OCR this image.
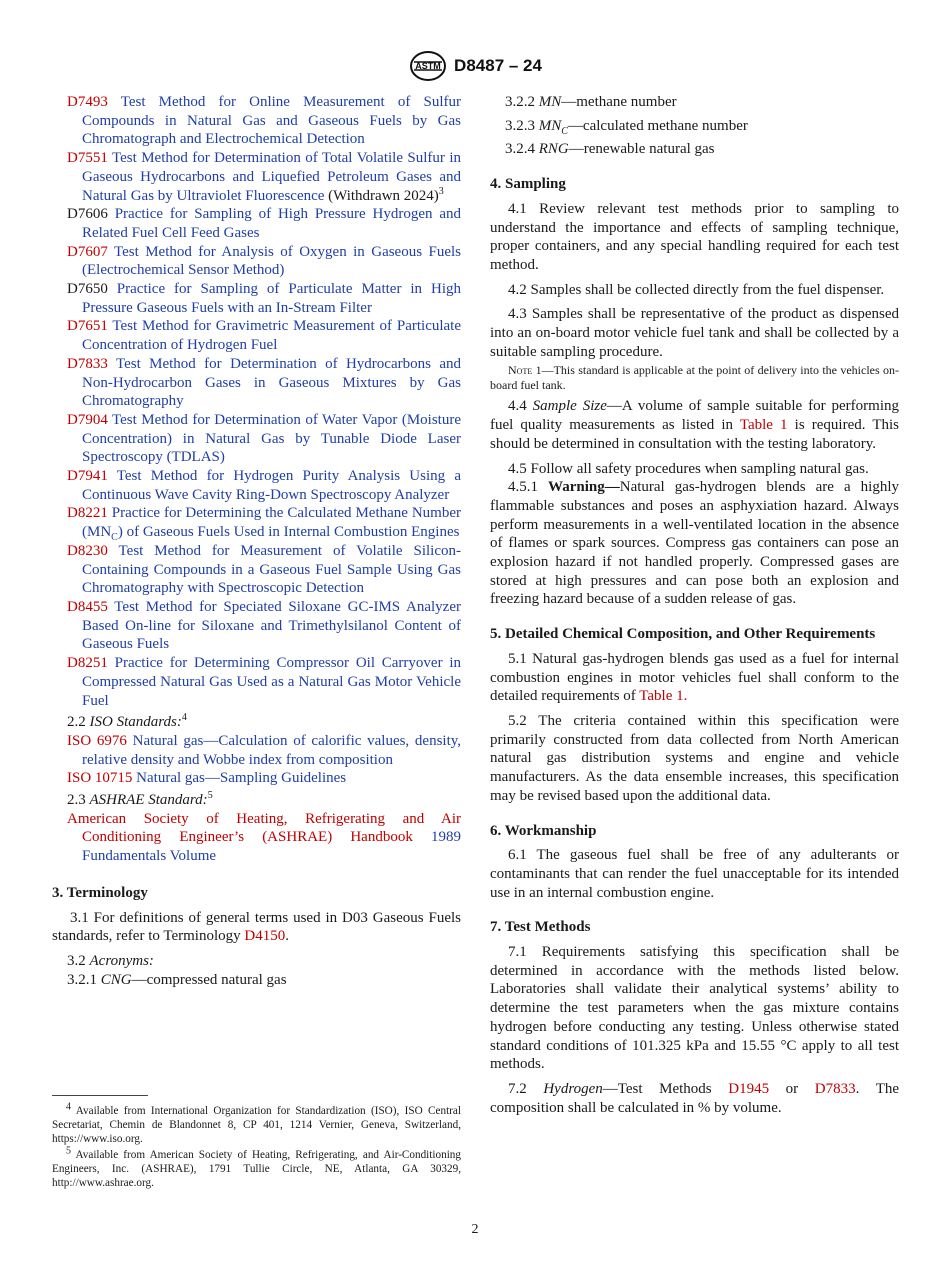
ASTM D8487 – 24

D7493 Test Method for Online Measurement of Sulfur Compounds in Natural Gas and Gaseous Fuels by Gas Chromatograph and Electrochemical Detection

D7551 Test Method for Determination of Total Volatile Sulfur in Gaseous Hydrocarbons and Liquefied Petroleum Gases and Natural Gas by Ultraviolet Fluorescence (Withdrawn 2024)$^3$

D7606 Practice for Sampling of High Pressure Hydrogen and Related Fuel Cell Feed Gases

D7607 Test Method for Analysis of Oxygen in Gaseous Fuels (Electrochemical Sensor Method)

D7650 Practice for Sampling of Particulate Matter in High Pressure Gaseous Fuels with an In-Stream Filter

D7651 Test Method for Gravimetric Measurement of Particulate Concentration of Hydrogen Fuel

D7833 Test Method for Determination of Hydrocarbons and Non-Hydrocarbon Gases in Gaseous Mixtures by Gas Chromatography

D7904 Test Method for Determination of Water Vapor (Moisture Concentration) in Natural Gas by Tunable Diode Laser Spectroscopy (TDLAS)

D7941 Test Method for Hydrogen Purity Analysis Using a Continuous Wave Cavity Ring-Down Spectroscopy Analyzer

D8221 Practice for Determining the Calculated Methane Number $(MN_C)$ of Gaseous Fuels Used in Internal Combustion Engines

D8230 Test Method for Measurement of Volatile Silicon-Containing Compounds in a Gaseous Fuel Sample Using Gas Chromatography with Spectroscopic Detection

D8455 Test Method for Speciated Siloxane GC-IMS Analyzer Based On-line for Siloxane and Trimethylsilanol Content of Gaseous Fuels

D8251 Practice for Determining Compressor Oil Carryover in Compressed Natural Gas Used as a Natural Gas Motor Vehicle Fuel

2.2 ISO Standards:$^4$

ISO 6976 Natural gas—Calculation of calorific values, density, relative density and Wobbe index from composition

ISO 10715 Natural gas—Sampling Guidelines

2.3 ASHRAE Standard:$^5$

American Society of Heating, Refrigerating and Air Conditioning Engineer’s (ASHRAE) Handbook 1989 Fundamentals Volume

3. Terminology

3.1 For definitions of general terms used in D03 Gaseous Fuels standards, refer to Terminology D4150.

3.2 Acronyms:

3.2.1 CNG—compressed natural gas

3.2.2 MN—methane number

3.2.3 $MN_C—calculated$ methane number

3.2.4 RNG—renewable natural gas

4. Sampling

4.1 Review relevant test methods prior to sampling to understand the importance and effects of sampling technique, proper containers, and any special handling required for each test method.

4.2 Samples shall be collected directly from the fuel dispenser.

4.3 Samples shall be representative of the product as dispensed into an on-board motor vehicle fuel tank and shall be collected by a suitable sampling procedure.

Note 1—This standard is applicable at the point of delivery into the vehicles on-board fuel tank.

4.4 Sample Size—A volume of sample suitable for performing fuel quality measurements as listed in Table 1 is required. This should be determined in consultation with the testing laboratory.

4.5 Follow all safety procedures when sampling natural gas.

4.5.1 Warning—Natural gas-hydrogen blends are a highly flammable substances and poses an asphyxiation hazard. Always perform measurements in a well-ventilated location in the absence of flames or spark sources. Compress gas containers can pose an explosion hazard if not handled properly. Compressed gases are stored at high pressures and can pose both an explosion and freezing hazard because of a sudden release of gas.

5. Detailed Chemical Composition, and Other Requirements

5.1 Natural gas-hydrogen blends gas used as a fuel for internal combustion engines in motor vehicles fuel shall conform to the detailed requirements of Table 1.

5.2 The criteria contained within this specification were primarily constructed from data collected from North American natural gas distribution systems and engine and vehicle manufacturers. As the data ensemble increases, this specification may be revised based upon the additional data.

6. Workmanship

6.1 The gaseous fuel shall be free of any adulterants or contaminants that can render the fuel unacceptable for its intended use in an internal combustion engine.

7. Test Methods

7.1 Requirements satisfying this specification shall be determined in accordance with the methods listed below. Laboratories shall validate their analytical systems’ ability to determine the test parameters when the gas mixture contains hydrogen before conducting any testing. Unless otherwise stated standard conditions of 101.325 kPa and 15.55 °C apply to all test methods.

7.2 Hydrogen—Test Methods D1945 or D7833. The composition shall be calculated in % by volume.

$^4$ Available from International Organization for Standardization (ISO), ISO Central Secretariat, Chemin de Blandonnet 8, CP 401, 1214 Vernier, Geneva, Switzerland, https://www.iso.org.

$^5$ Available from American Society of Heating, Refrigerating, and Air-Conditioning Engineers, Inc. (ASHRAE), 1791 Tullie Circle, NE, Atlanta, GA 30329, http://www.ashrae.org.

2
